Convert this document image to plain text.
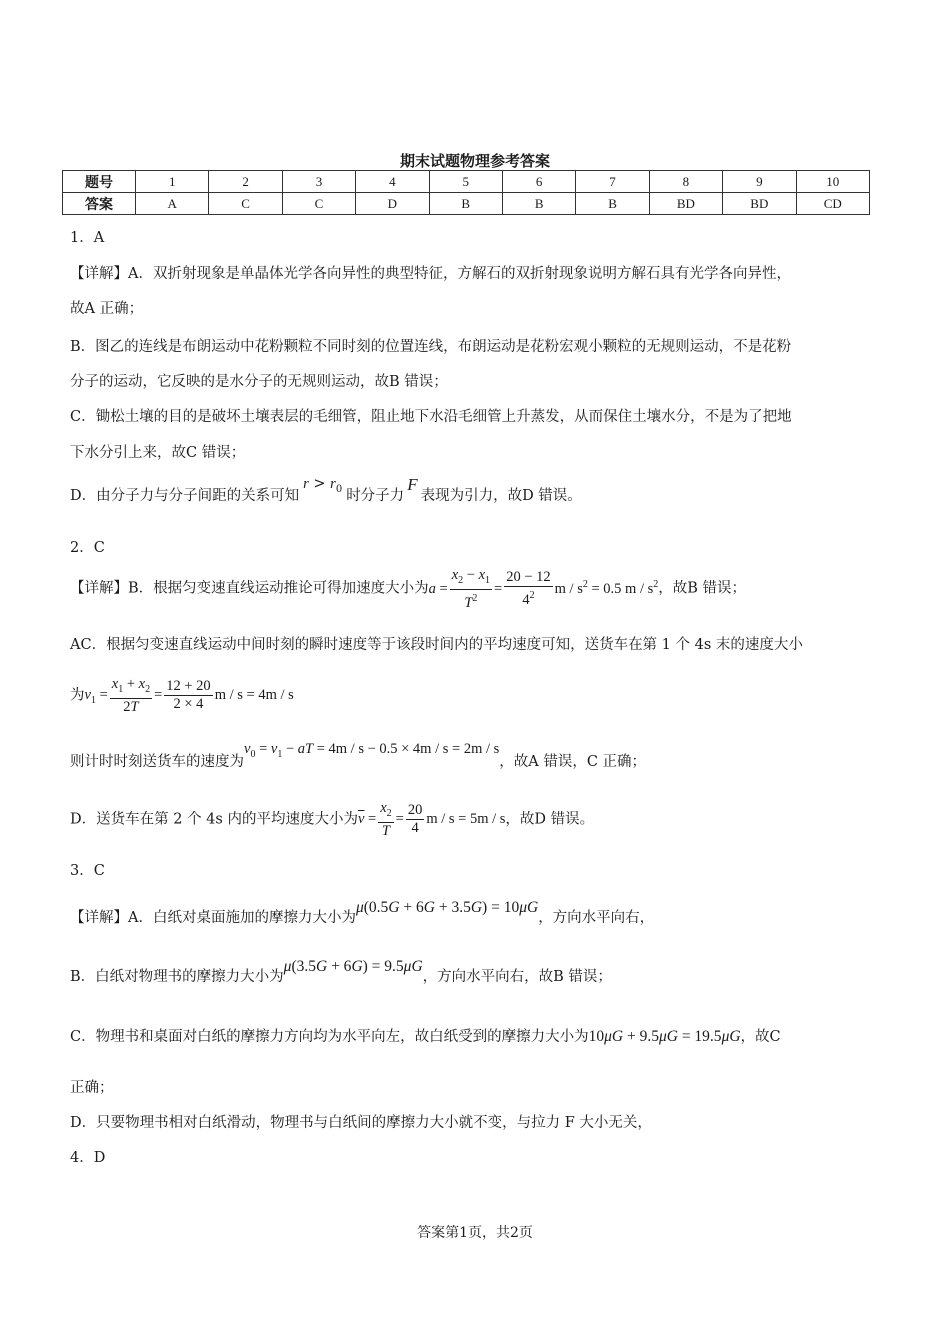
期末试题物理参考答案
题号	1	2	3	4	5	6	7	8	9	10
答案	A	C	C	D	B	B	B	BD	BD	CD
1．A
【详解】A．双折射现象是单晶体光学各向异性的典型特征，方解石的双折射现象说明方解石具有光学各向异性，
故A 正确；
B．图乙的连线是布朗运动中花粉颗粒不同时刻的位置连线，布朗运动是花粉宏观小颗粒的无规则运动，不是花粉
分子的运动，它反映的是水分子的无规则运动，故B 错误；
C．锄松土壤的目的是破坏土壤表层的毛细管，阻止地下水沿毛细管上升蒸发，从而保住土壤水分，不是为了把地
下水分引上来，故C 错误；
D．由分子力与分子间距的关系可知$r > r_0$ 时分子力F表现为引力，故D 错误。
2．C
【详解】B．根据匀变速直线运动推论可得加速度大小为$a = \frac{x_2 - x_1}{T^2} = \frac{20 - 12}{4^2}$ $m / s^2 = 0.5$ m / $s^2$，故B 错误；
AC．根据匀变速直线运动中间时刻的瞬时速度等于该段时间内的平均速度可知，送货车在第 1 个 4s 末的速度大小
为$v_1 = \frac{x_1 + x_2}{2T} = \frac{12 + 20}{2 \times 4}$ m / s = 4m / s
则计时时刻送货车的速度为$v_0 = v_1$ − aT = 4m / s − 0.5 × 4m / s = 2m / s，故A 错误，C 正确；
D．送货车在第 2 个 4s 内的平均速度大小为$\overline{v} = \frac{x_2}{T} = \frac{20}{4}$ m / s = 5m / s，故D 错误。
3．C
【详解】A．白纸对桌面施加的摩擦力大小为μ(0.5G + 6G + 3.5G) = 10μG，方向水平向右，
B．白纸对物理书的摩擦力大小为μ(3.5G + 6G) = 9.5μG，方向水平向右，故B 错误；
C．物理书和桌面对白纸的摩擦力方向均为水平向左，故白纸受到的摩擦力大小为10μG + 9.5μG = 19.5μG，故C
正确；
D．只要物理书相对白纸滑动，物理书与白纸间的摩擦力大小就不变，与拉力 F 大小无关，
4．D
答案第1页，共2页
